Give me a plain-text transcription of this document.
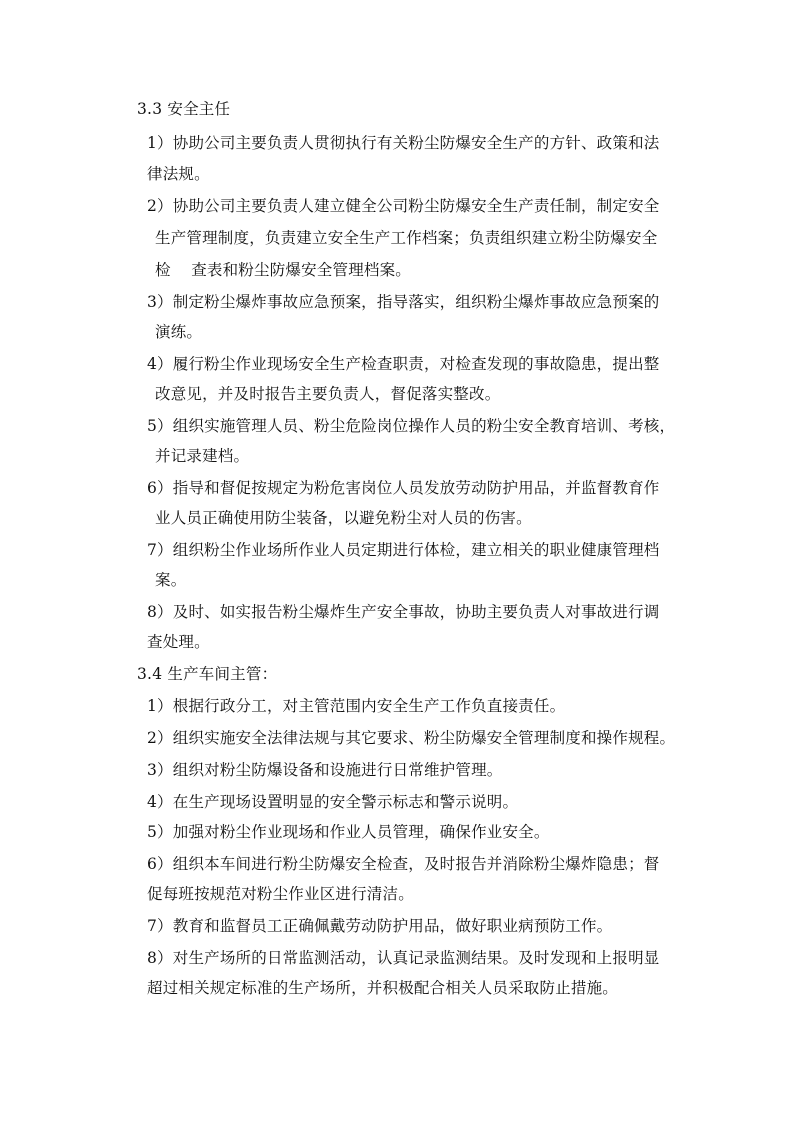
3.3 安全主任
1）协助公司主要负责人贯彻执行有关粉尘防爆安全生产的方针、政策和法
律法规。
2）协助公司主要负责人建立健全公司粉尘防爆安全生产责任制，制定安全
生产管理制度，负责建立安全生产工作档案；负责组织建立粉尘防爆安全
检    查表和粉尘防爆安全管理档案。
3）制定粉尘爆炸事故应急预案，指导落实，组织粉尘爆炸事故应急预案的
演练。
4）履行粉尘作业现场安全生产检查职责，对检查发现的事故隐患，提出整
改意见，并及时报告主要负责人，督促落实整改。
5）组织实施管理人员、粉尘危险岗位操作人员的粉尘安全教育培训、考核，
并记录建档。
6）指导和督促按规定为粉危害岗位人员发放劳动防护用品，并监督教育作
业人员正确使用防尘装备，以避免粉尘对人员的伤害。
7）组织粉尘作业场所作业人员定期进行体检，建立相关的职业健康管理档
案。
8）及时、如实报告粉尘爆炸生产安全事故，协助主要负责人对事故进行调
查处理。
3.4 生产车间主管：
1）根据行政分工，对主管范围内安全生产工作负直接责任。
2）组织实施安全法律法规与其它要求、粉尘防爆安全管理制度和操作规程。
3）组织对粉尘防爆设备和设施进行日常维护管理。
4）在生产现场设置明显的安全警示标志和警示说明。
5）加强对粉尘作业现场和作业人员管理，确保作业安全。
6）组织本车间进行粉尘防爆安全检查，及时报告并消除粉尘爆炸隐患；督
促每班按规范对粉尘作业区进行清洁。
7）教育和监督员工正确佩戴劳动防护用品，做好职业病预防工作。
8）对生产场所的日常监测活动，认真记录监测结果。及时发现和上报明显
超过相关规定标准的生产场所，并积极配合相关人员采取防止措施。
